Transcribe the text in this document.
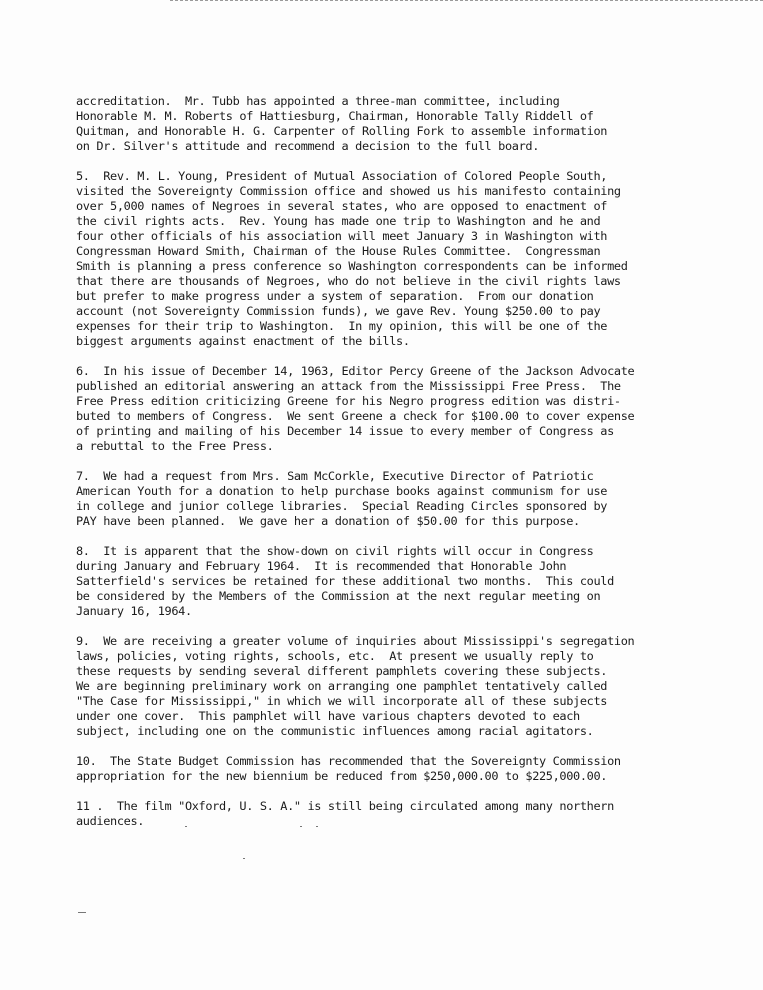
accreditation.  Mr. Tubb has appointed a three-man committee, including
Honorable M. M. Roberts of Hattiesburg, Chairman, Honorable Tally Riddell of
Quitman, and Honorable H. G. Carpenter of Rolling Fork to assemble information
on Dr. Silver's attitude and recommend a decision to the full board.
5.  Rev. M. L. Young, President of Mutual Association of Colored People South,
visited the Sovereignty Commission office and showed us his manifesto containing
over 5,000 names of Negroes in several states, who are opposed to enactment of
the civil rights acts.  Rev. Young has made one trip to Washington and he and
four other officials of his association will meet January 3 in Washington with
Congressman Howard Smith, Chairman of the House Rules Committee.  Congressman
Smith is planning a press conference so Washington correspondents can be informed
that there are thousands of Negroes, who do not believe in the civil rights laws
but prefer to make progress under a system of separation.  From our donation
account (not Sovereignty Commission funds), we gave Rev. Young $250.00 to pay
expenses for their trip to Washington.  In my opinion, this will be one of the
biggest arguments against enactment of the bills.
6.  In his issue of December 14, 1963, Editor Percy Greene of the Jackson Advocate
published an editorial answering an attack from the Mississippi Free Press.  The
Free Press edition criticizing Greene for his Negro progress edition was distri-
buted to members of Congress.  We sent Greene a check for $100.00 to cover expense
of printing and mailing of his December 14 issue to every member of Congress as
a rebuttal to the Free Press.
7.  We had a request from Mrs. Sam McCorkle, Executive Director of Patriotic
American Youth for a donation to help purchase books against communism for use
in college and junior college libraries.  Special Reading Circles sponsored by
PAY have been planned.  We gave her a donation of $50.00 for this purpose.
8.  It is apparent that the show-down on civil rights will occur in Congress
during January and February 1964.  It is recommended that Honorable John
Satterfield's services be retained for these additional two months.  This could
be considered by the Members of the Commission at the next regular meeting on
January 16, 1964.
9.  We are receiving a greater volume of inquiries about Mississippi's segregation
laws, policies, voting rights, schools, etc.  At present we usually reply to
these requests by sending several different pamphlets covering these subjects.
We are beginning preliminary work on arranging one pamphlet tentatively called
"The Case for Mississippi," in which we will incorporate all of these subjects
under one cover.  This pamphlet will have various chapters devoted to each
subject, including one on the communistic influences among racial agitators.
10.  The State Budget Commission has recommended that the Sovereignty Commission
appropriation for the new biennium be reduced from $250,000.00 to $225,000.00.
11 .  The film "Oxford, U. S. A." is still being circulated among many northern
audiences.
